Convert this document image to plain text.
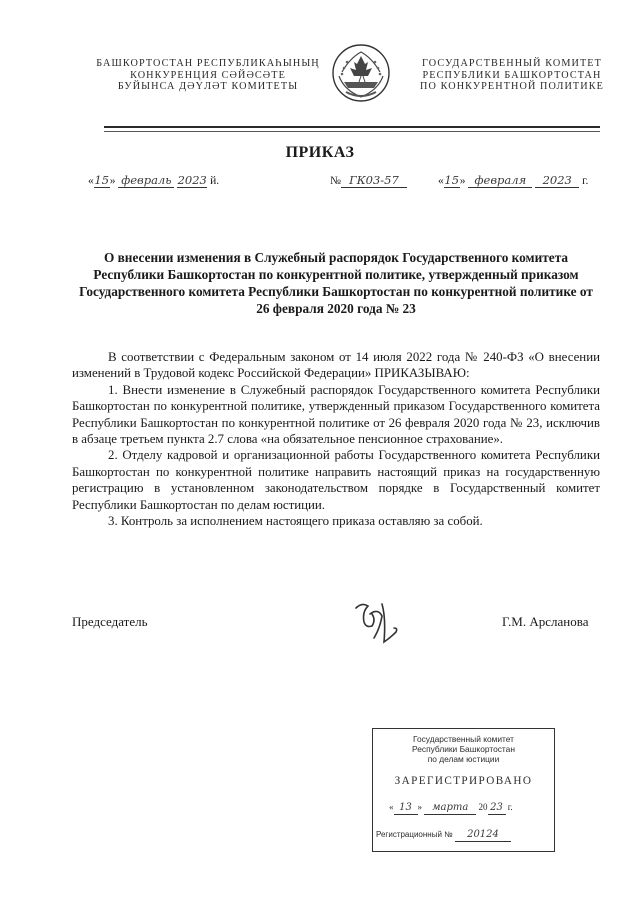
БАШКОРТОСТАН РЕСПУБЛИКАҺЫНЫҢ
КОНКУРЕНЦИЯ СӘЙӘСӘТЕ
БУЙЫНСА ДӘҮЛӘТ КОМИТЕТЫ
ГОСУДАРСТВЕННЫЙ КОМИТЕТ
РЕСПУБЛИКИ БАШКОРТОСТАН
ПО КОНКУРЕНТНОЙ ПОЛИТИКЕ
ПРИКАЗ
«15» февраль 2023 й.	№ ГК03-57	«15» февраля 2023 г.
О внесении изменения в Служебный распорядок Государственного комитета Республики Башкортостан по конкурентной политике, утвержденный приказом Государственного комитета Республики Башкортостан по конкурентной политике от 26 февраля 2020 года № 23

В соответствии с Федеральным законом от 14 июля 2022 года № 240-ФЗ «О внесении изменений в Трудовой кодекс Российской Федерации» ПРИКАЗЫВАЮ:

1. Внести изменение в Служебный распорядок Государственного комитета Республики Башкортостан по конкурентной политике, утвержденный приказом Государственного комитета Республики Башкортостан по конкурентной политике от 26 февраля 2020 года № 23, исключив в абзаце третьем пункта 2.7 слова «на обязательное пенсионное страхование».

2. Отделу кадровой и организационной работы Государственного комитета Республики Башкортостан по конкурентной политике направить настоящий приказ на государственную регистрацию в установленном законодательством порядке в Государственный комитет Республики Башкортостан по делам юстиции.

3. Контроль за исполнением настоящего приказа оставляю за собой.

Председатель	Г.М. Арсланова
Государственный комитет
Республики Башкортостан
по делам юстиции
ЗАРЕГИСТРИРОВАНО
« 13 » марта 20 23 г.
Регистрационный № 20124
